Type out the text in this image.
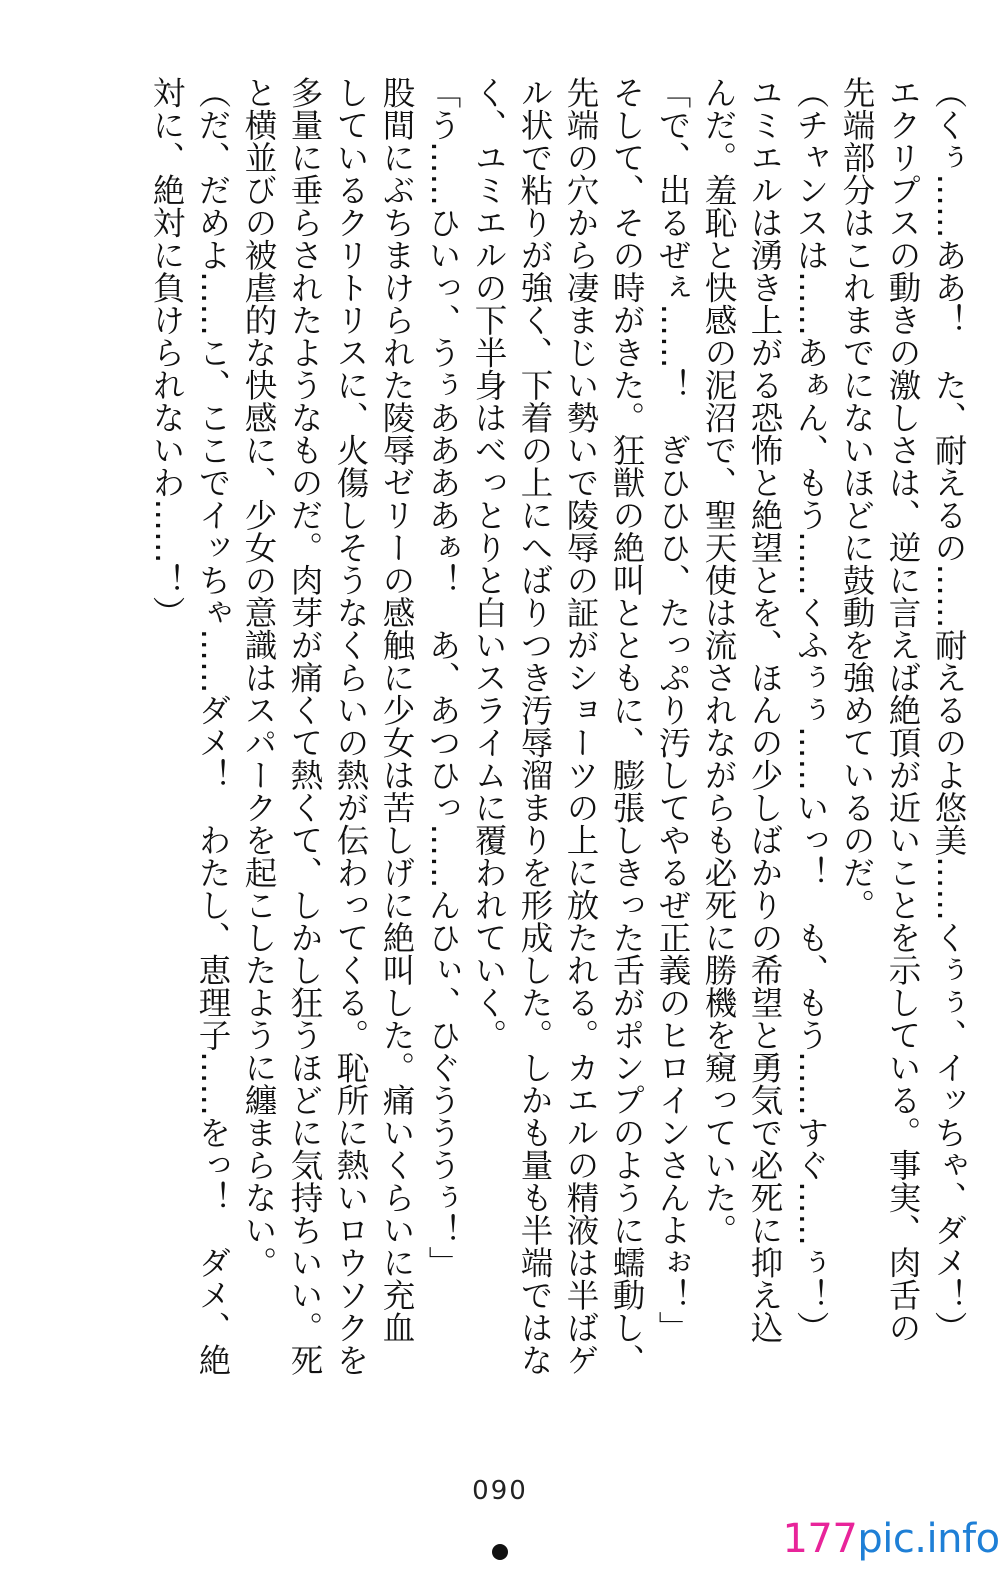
（くぅ……ああ！　た、耐えるの……耐えるのよ悠美……くぅぅ、イッちゃ、ダメ！）
エクリプスの動きの激しさは、逆に言えば絶頂が近いことを示している。事実、肉舌の
先端部分はこれまでにないほどに鼓動を強めているのだ。
（チャンスは……あぁん、もう……くふぅぅ……いっ！　も、もう……すぐ……ぅ！）
ユミエルは湧き上がる恐怖と絶望とを、ほんの少しばかりの希望と勇気で必死に抑え込
んだ。羞恥と快感の泥沼で、聖天使は流されながらも必死に勝機を窺っていた。
「で、出るぜぇ……！　ぎひひひ、たっぷり汚してやるぜ正義のヒロインさんよぉ！」
そして、その時がきた。狂獣の絶叫とともに、膨張しきった舌がポンプのように蠕動し、
先端の穴から凄まじい勢いで陵辱の証がショーツの上に放たれる。カエルの精液は半ばゲ
ル状で粘りが強く、下着の上にへばりつき汚辱溜まりを形成した。しかも量も半端ではな
く、ユミエルの下半身はべっとりと白いスライムに覆われていく。
「う……ひいっ、うぅああああぁ！　あ、あつひっ……んひぃ、ひぐうううぅ！」
股間にぶちまけられた陵辱ゼリーの感触に少女は苦しげに絶叫した。痛いくらいに充血
しているクリトリスに、火傷しそうなくらいの熱が伝わってくる。恥所に熱いロウソクを
多量に垂らされたようなものだ。肉芽が痛くて熱くて、しかし狂うほどに気持ちいい。死
と横並びの被虐的な快感に、少女の意識はスパークを起こしたように纏まらない。
（だ、だめよ……こ、ここでイッちゃ……ダメ！　わたし、恵理子……をっ！　ダメ、絶
対に、絶対に負けられないわ……！）
090
177 pic.info
